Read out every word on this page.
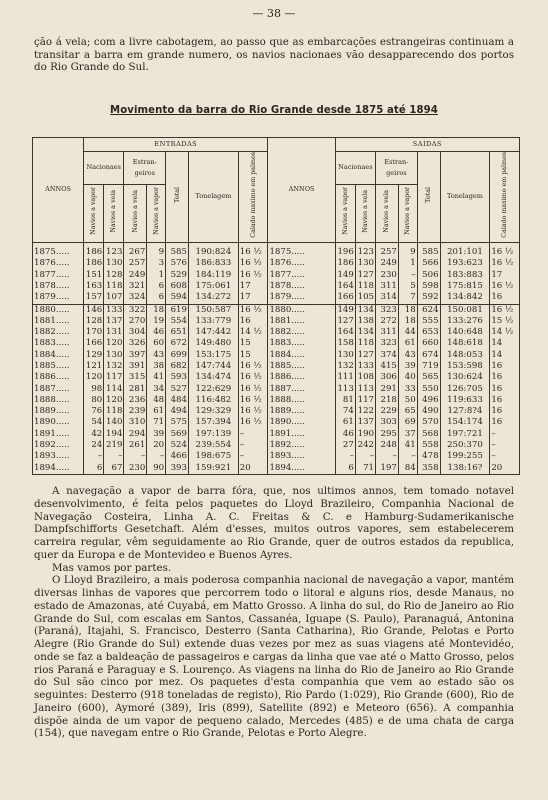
— 38 —

ção á vela; com a livre cabotagem, ao passo que as embarcações estrangeiras continuam a transitar a barra em grande numero, os navios nacionaes vão desapparecendo dos portos do Rio Grande do Sul.

Movimento da barra do Rio Grande desde 1875 até 1894
ANNOS	ENTRADAS							ANNOS	SAIDAS						
	Nacionaes		Estran-geiros		Total	Tonelagem	Calado maximo em palmos		Nacionaes		Estran-geiros		Total	Tonelagem	Calado maximo em palmos
	Navios a vapor	Navios a vela	Navios a vela	Navios a vapor					Navios a vapor	Navios a vela	Navios a vela	Navios a vapor			
1875.....	186	123	267	9	585	190:824	16 ½	1875.....	196	123	257	9	585	201:101	16 ½
1876.....	186	130	257	3	576	186:833	16 ½	1876.....	186	130	249	1	566	193:623	16 ½
1877.....	151	128	249	1	529	184:119	16 ½	1877.....	149	127	230	–	506	183:883	17
1878.....	163	118	321	6	608	175:061	17	1878.....	164	118	311	5	598	175:815	16 ½
1879.....	157	107	324	6	594	134:272	17	1879.....	166	105	314	7	592	134:842	16
1880.....	146	133	322	18	619	150:587	16 ½	1880.....	149	134	323	18	624	150:081	16 ½
1881.....	128	137	270	19	554	133:779	16	1881.....	127	138	272	18	555	133:276	15 ½
1882.....	170	131	304	46	651	147:442	14 ½	1882.....	164	134	311	44	653	140:648	14 ½
1883.....	166	120	326	60	672	149:480	15	1883.....	158	118	323	61	660	148:618	14
1884.....	129	130	397	43	699	153:175	15	1884.....	130	127	374	43	674	148:053	14
1885.....	121	132	391	38	682	147:744	16 ½	1885.....	132	133	415	39	719	153:598	16
1886.....	120	117	315	41	593	134:474	16 ½	1886.....	111	108	306	40	565	130:624	16
1887.....	98	114	281	34	527	122:629	16 ½	1887.....	113	113	291	33	550	126:705	16
1888.....	80	120	236	48	484	116:482	16 ½	1888.....	81	117	218	50	496	119:633	16
1889.....	76	118	239	61	494	129:329	16 ½	1889.....	74	122	229	65	490	127:8?4	16
1890.....	54	140	310	71	575	157:394	16 ½	1890.....	61	137	303	69	570	154:174	16
1891.....	42	194	294	39	569	197:139	–	1891.....	46	190	295	37	568	197:721	–
1892.....	24	219	261	20	524	239:554	–	1892.....	27	242	248	41	558	250:370	–
1893.....	–	–	–	–	466	198:675	–	1893.....	–	–	–	–	478	199:255	–
1894.....	6	67	230	90	393	159:921	20	1894.....	6	71	197	84	358	138:16?	20

A navegação a vapor de barra fóra, que, nos ultimos annos, tem tomado notavel desenvolvimento, é feita pelos paquetes do Lloyd Brazileiro, Companhia Nacional de Navegação Costeira, Linha A. C. Freitas & C. e Hamburg-Sudamerikanische Dampfschifforts Gesetchaft. Além d'esses, muitos outros vapores, sem estabelecerem carreira regular, vêm seguidamente ao Rio Grande, quer de outros estados da republica, quer da Europa e de Montevideo e Buenos Ayres.

Mas vamos por partes.

O Lloyd Brazileiro, a mais poderosa companhia nacional de navegação a vapor, mantém diversas linhas de vapores que percorrem todo o litoral e alguns rios, desde Manaus, no estado de Amazonas, até Cuyabá, em Matto Grosso. A linha do sul, do Rio de Janeiro ao Rio Grande do Sul, com escalas em Santos, Cassanéa, Iguape (S. Paulo), Paranaguá, Antonina (Paraná), Itajahi, S. Francisco, Desterro (Santa Catharina), Rio Grande, Pelotas e Porto Alegre (Rio Grande do Sul) extende duas vezes por mez as suas viagens até Montevidéo, onde se faz a baldeação de passageiros e cargas da linha que vae até o Matto Grosso, pelos rios Paraná e Paraguay e S. Lourenço. As viagens na linha do Rio de Janeiro ao Rio Grande do Sul são cinco por mez. Os paquetes d'esta companhia que vem ao estado são os seguintes: Desterro (918 toneladas de registo), Rio Pardo (1:029), Rio Grande (600), Rio de Janeiro (600), Aymoré (389), Iris (899), Satellite (892) e Meteoro (656). A companhia dispõe ainda de um vapor de pequeno calado, Mercedes (485) e de uma chata de carga (154), que navegam entre o Rio Grande, Pelotas e Porto Alegre.
